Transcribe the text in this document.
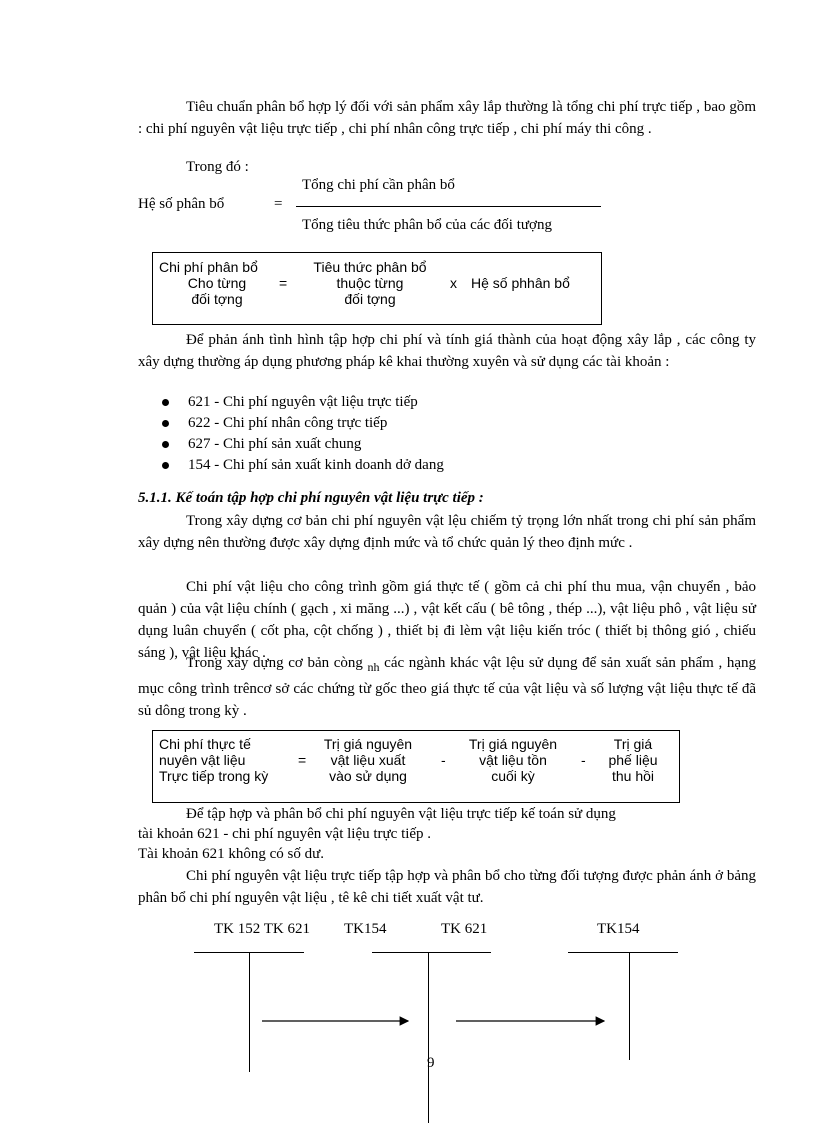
Tiêu chuẩn phân bổ hợp lý đối với sản phẩm xây lắp thường là tổng chi phí trực tiếp , bao gồm : chi phí nguyên vật liệu trực tiếp , chi phí nhân công trực tiếp , chi phí máy thi công .
Trong đó :
Hệ số phân bổ	=
Tổng chi phí cần phân bổ
Tổng tiêu thức phân bổ của các đối tượng
Chi phí phân bổ
Cho từng
đối tợng
=
Tiêu thức phân bổ
thuộc từng
đối tợng
x Hệ số phhân bổ
Để phản ánh tình hình tập hợp chi phí và tính giá thành của hoạt động xây lắp , các công ty xây dựng thường áp dụng phương pháp kê khai thường xuyên và sử dụng các tài khoản :
621 - Chi phí nguyên vật liệu trực tiếp
622 - Chi phí nhân công trực tiếp
627 - Chi phí sản xuất chung
154 - Chi phí sản xuất kinh doanh dở dang
5.1.1. Kế toán tập hợp chi phí nguyên vật liệu trực tiếp :
Trong xây dựng cơ bản chi phí nguyên vật lệu chiếm tỷ trọng lớn nhất trong chi phí sản phẩm xây dựng nên thường được xây dựng định mức và tổ chức quản lý theo định mức .
Chi phí vật liệu cho công trình gồm giá thực tế ( gồm cả chi phí thu mua, vận chuyển , bảo quản ) của vật liệu chính ( gạch , xi măng ...) , vật kết cấu ( bê tông , thép ...), vật liệu phô , vật liệu sử dụng luân chuyển ( cốt pha, cột chống ) , thiết bị đi lèm vật liệu kiến tróc ( thiết bị thông gió , chiếu sáng ), vật liệu khác .
Trong xây dựng cơ bản còng $_{nh}$ các ngành khác vật lệu sử dụng để sản xuất sản phẩm , hạng mục công trình trêncơ sở các chứng từ gốc theo giá thực tế của vật liệu và số lượng vật liệu thực tế đã sủ dông trong kỳ .
Chi phí thực tế
nuyên vật liệu
Trực tiếp trong kỳ
=
Trị giá nguyên
vật liệu xuất
vào sử dụng
-
Trị giá nguyên
vật liệu tồn
cuối kỳ
-
Trị giá
phế liệu
thu hồi
Để tập hợp và phân bổ chi phí nguyên vật liệu trực tiếp kế toán sử dụng
tài khoản 621 - chi phí nguyên vật liệu trực tiếp .
Tài khoản 621 không có số dư.
Chi phí nguyên vật liệu trực tiếp tập hợp và phân bổ cho từng đối tượng được phản ánh ở bảng phân bổ chi phí nguyên vật liệu , tê kê chi tiết xuất vật tư.
TK 152 TK 621 TK154	TK 621	TK154
9
